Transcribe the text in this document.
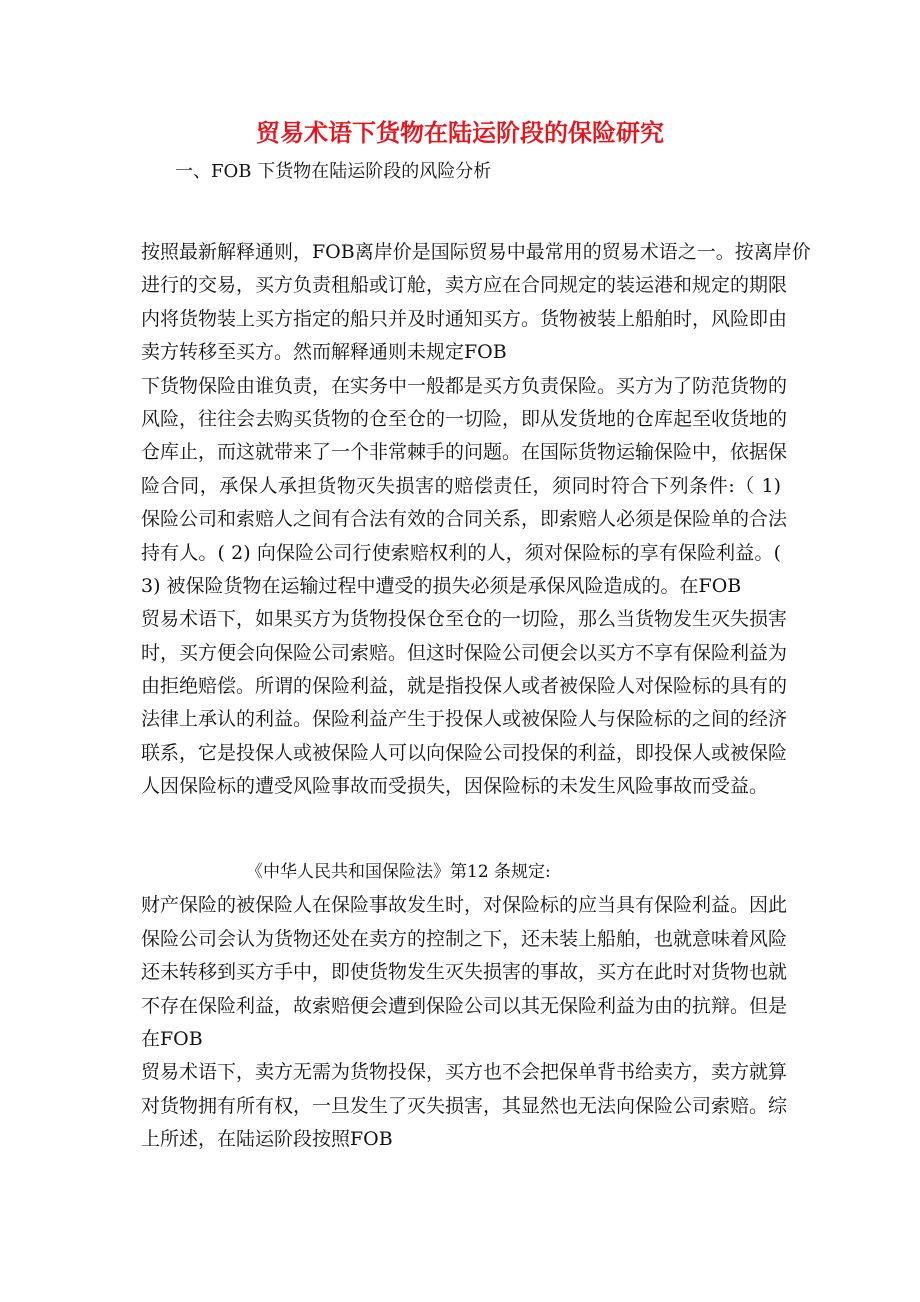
贸易术语下货物在陆运阶段的保险研究
一、FOB 下货物在陆运阶段的风险分析
按照最新解释通则，FOB离岸价是国际贸易中最常用的贸易术语之一。按离岸价
进行的交易，买方负责租船或订舱，卖方应在合同规定的装运港和规定的期限
内将货物装上买方指定的船只并及时通知买方。货物被装上船舶时，风险即由
卖方转移至买方。然而解释通则未规定FOB
下货物保险由谁负责，在实务中一般都是买方负责保险。买方为了防范货物的
风险，往往会去购买货物的仓至仓的一切险，即从发货地的仓库起至收货地的
仓库止，而这就带来了一个非常棘手的问题。在国际货物运输保险中，依据保
险合同，承保人承担货物灭失损害的赔偿责任，须同时符合下列条件:（ 1)
保险公司和索赔人之间有合法有效的合同关系，即索赔人必须是保险单的合法
持有人。( 2) 向保险公司行使索赔权利的人，须对保险标的享有保险利益。(
3) 被保险货物在运输过程中遭受的损失必须是承保风险造成的。在FOB
贸易术语下，如果买方为货物投保仓至仓的一切险，那么当货物发生灭失损害
时，买方便会向保险公司索赔。但这时保险公司便会以买方不享有保险利益为
由拒绝赔偿。所谓的保险利益，就是指投保人或者被保险人对保险标的具有的
法律上承认的利益。保险利益产生于投保人或被保险人与保险标的之间的经济
联系，它是投保人或被保险人可以向保险公司投保的利益，即投保人或被保险
人因保险标的遭受风险事故而受损失，因保险标的未发生风险事故而受益。
《中华人民共和国保险法》第12 条规定:
财产保险的被保险人在保险事故发生时，对保险标的应当具有保险利益。因此
保险公司会认为货物还处在卖方的控制之下，还未装上船舶，也就意味着风险
还未转移到买方手中，即使货物发生灭失损害的事故，买方在此时对货物也就
不存在保险利益，故索赔便会遭到保险公司以其无保险利益为由的抗辩。但是
在FOB
贸易术语下，卖方无需为货物投保，买方也不会把保单背书给卖方，卖方就算
对货物拥有所有权，一旦发生了灭失损害，其显然也无法向保险公司索赔。综
上所述，在陆运阶段按照FOB
